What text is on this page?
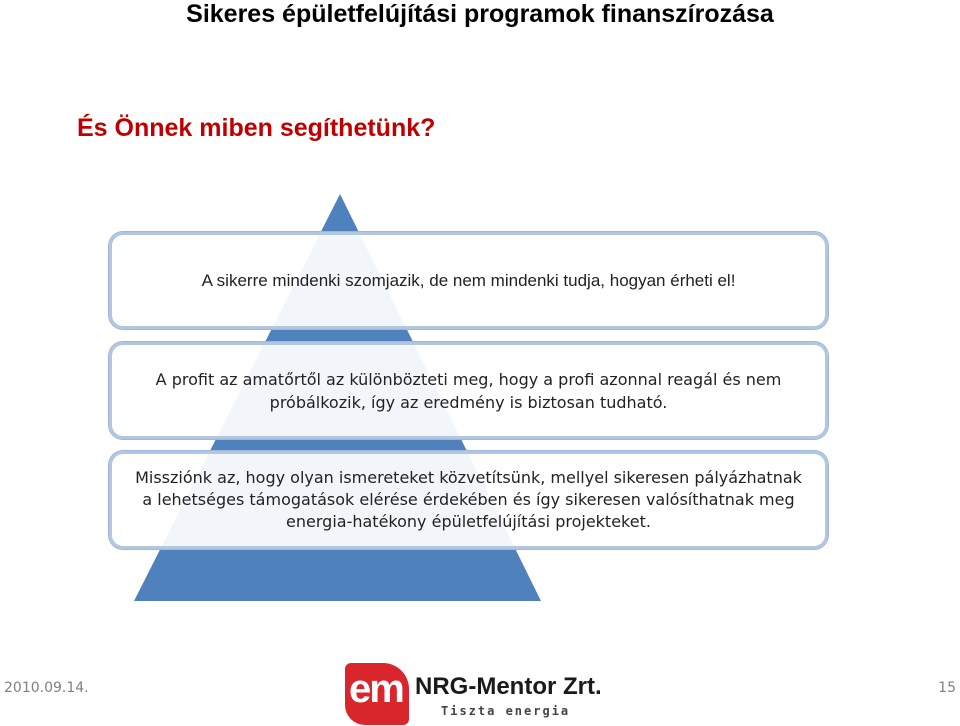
Sikeres épületfelújítási programok finanszírozása
És Önnek miben segíthetünk?
A sikerre mindenki szomjazik, de nem mindenki tudja, hogyan érheti el!
A profit az amatőrtől az különbözteti meg, hogy a profi azonnal reagál és nem próbálkozik, így az eredmény is biztosan tudható.
Missziónk az, hogy olyan ismereteket közvetítsünk, mellyel sikeresen pályázhatnak a lehetséges támogatások elérése érdekében és így sikeresen valósíthatnak meg energia-hatékony épületfelújítási projekteket.
2010.09.14.	em NRG-Mentor Zrt.
Tiszta energia
15
